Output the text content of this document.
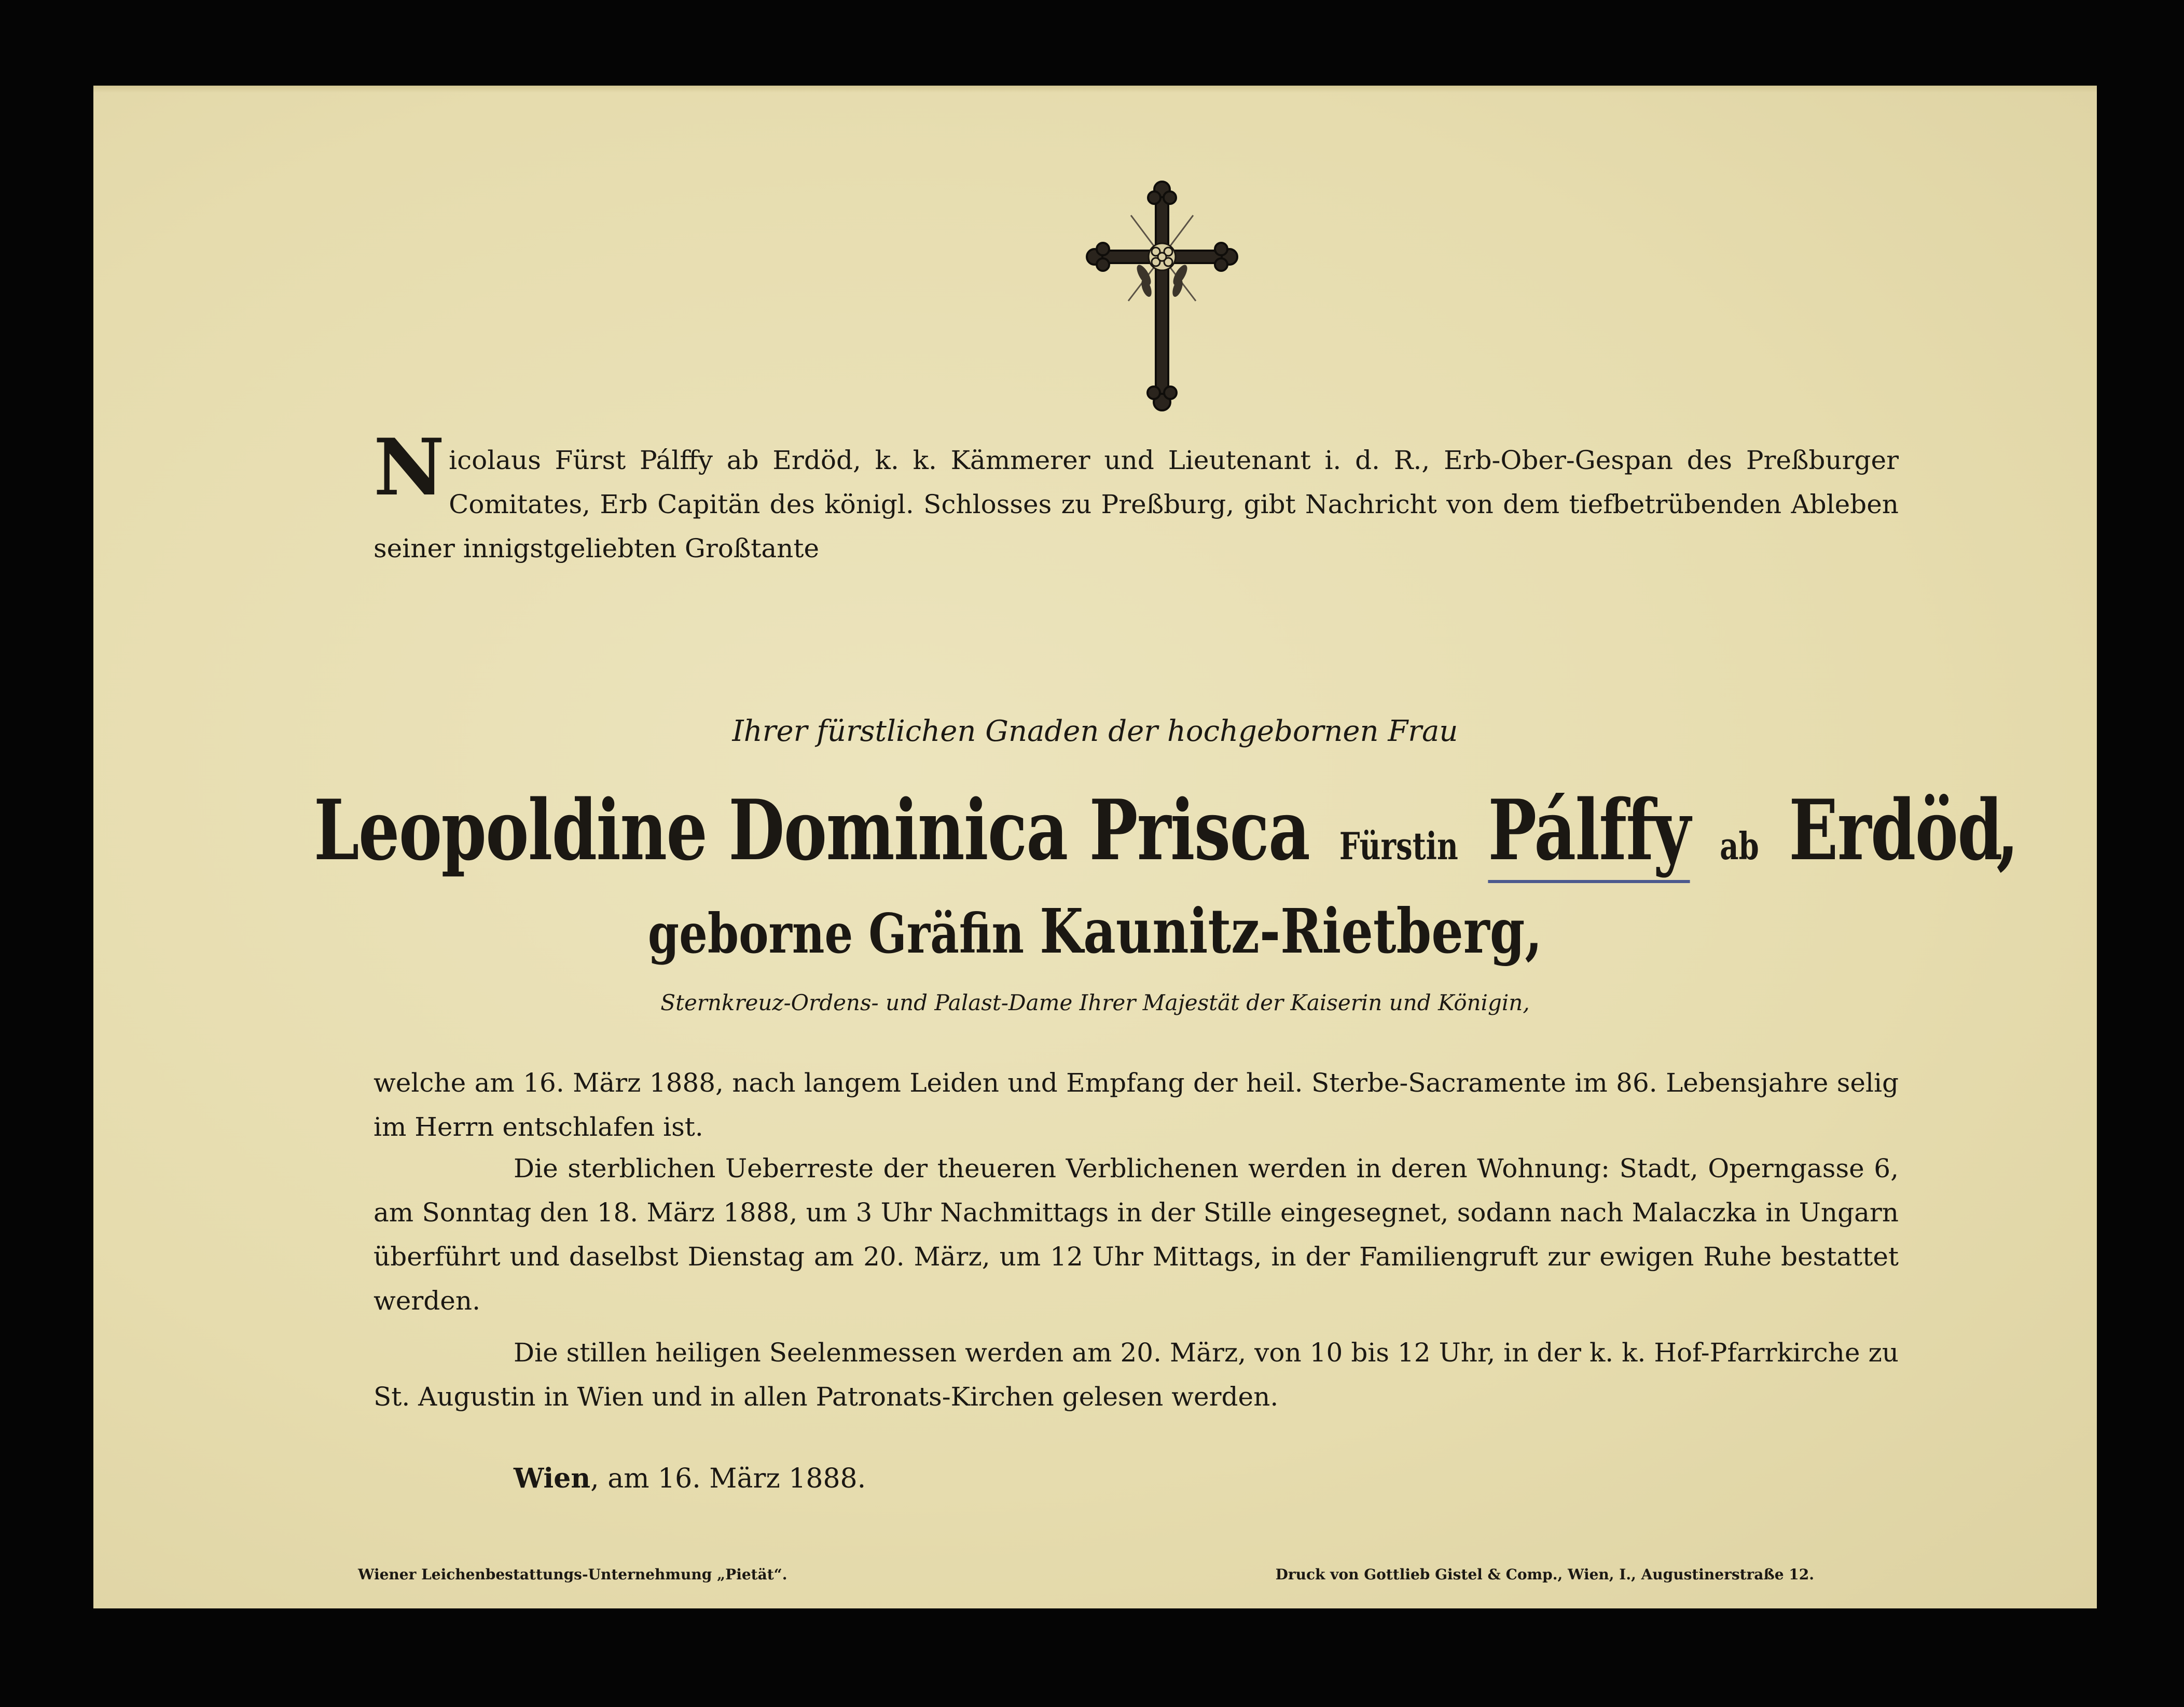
Nicolaus Fürst Pálffy ab Erdöd, k. k. Kämmerer und Lieutenant i. d. R., Erb-Ober-Gespan des Preßburger Comitates, Erb Capitän des königl. Schlosses zu Preßburg, gibt Nachricht von dem tiefbetrübenden Ableben seiner innigstgeliebten Großtante
Ihrer fürstlichen Gnaden der hochgebornen Frau
Leopoldine Dominica Prisca Fürstin Pálffy ab Erdöd,
geborne Gräfin Kaunitz-Rietberg,
Sternkreuz-Ordens- und Palast-Dame Ihrer Majestät der Kaiserin und Königin,
welche am 16. März 1888, nach langem Leiden und Empfang der heil. Sterbe-Sacramente im 86. Lebensjahre selig im Herrn entschlafen ist.
Die sterblichen Ueberreste der theueren Verblichenen werden in deren Wohnung: Stadt, Operngasse 6, am Sonntag den 18. März 1888, um 3 Uhr Nachmittags in der Stille eingesegnet, sodann nach Malaczka in Ungarn überführt und daselbst Dienstag am 20. März, um 12 Uhr Mittags, in der Familiengruft zur ewigen Ruhe bestattet werden.
Die stillen heiligen Seelenmessen werden am 20. März, von 10 bis 12 Uhr, in der k. k. Hof-Pfarrkirche zu St. Augustin in Wien und in allen Patronats-Kirchen gelesen werden.
Wien, am 16. März 1888.
Wiener Leichenbestattungs-Unternehmung „Pietät“.	Druck von Gottlieb Gistel & Comp., Wien, I., Augustinerstraße 12.
